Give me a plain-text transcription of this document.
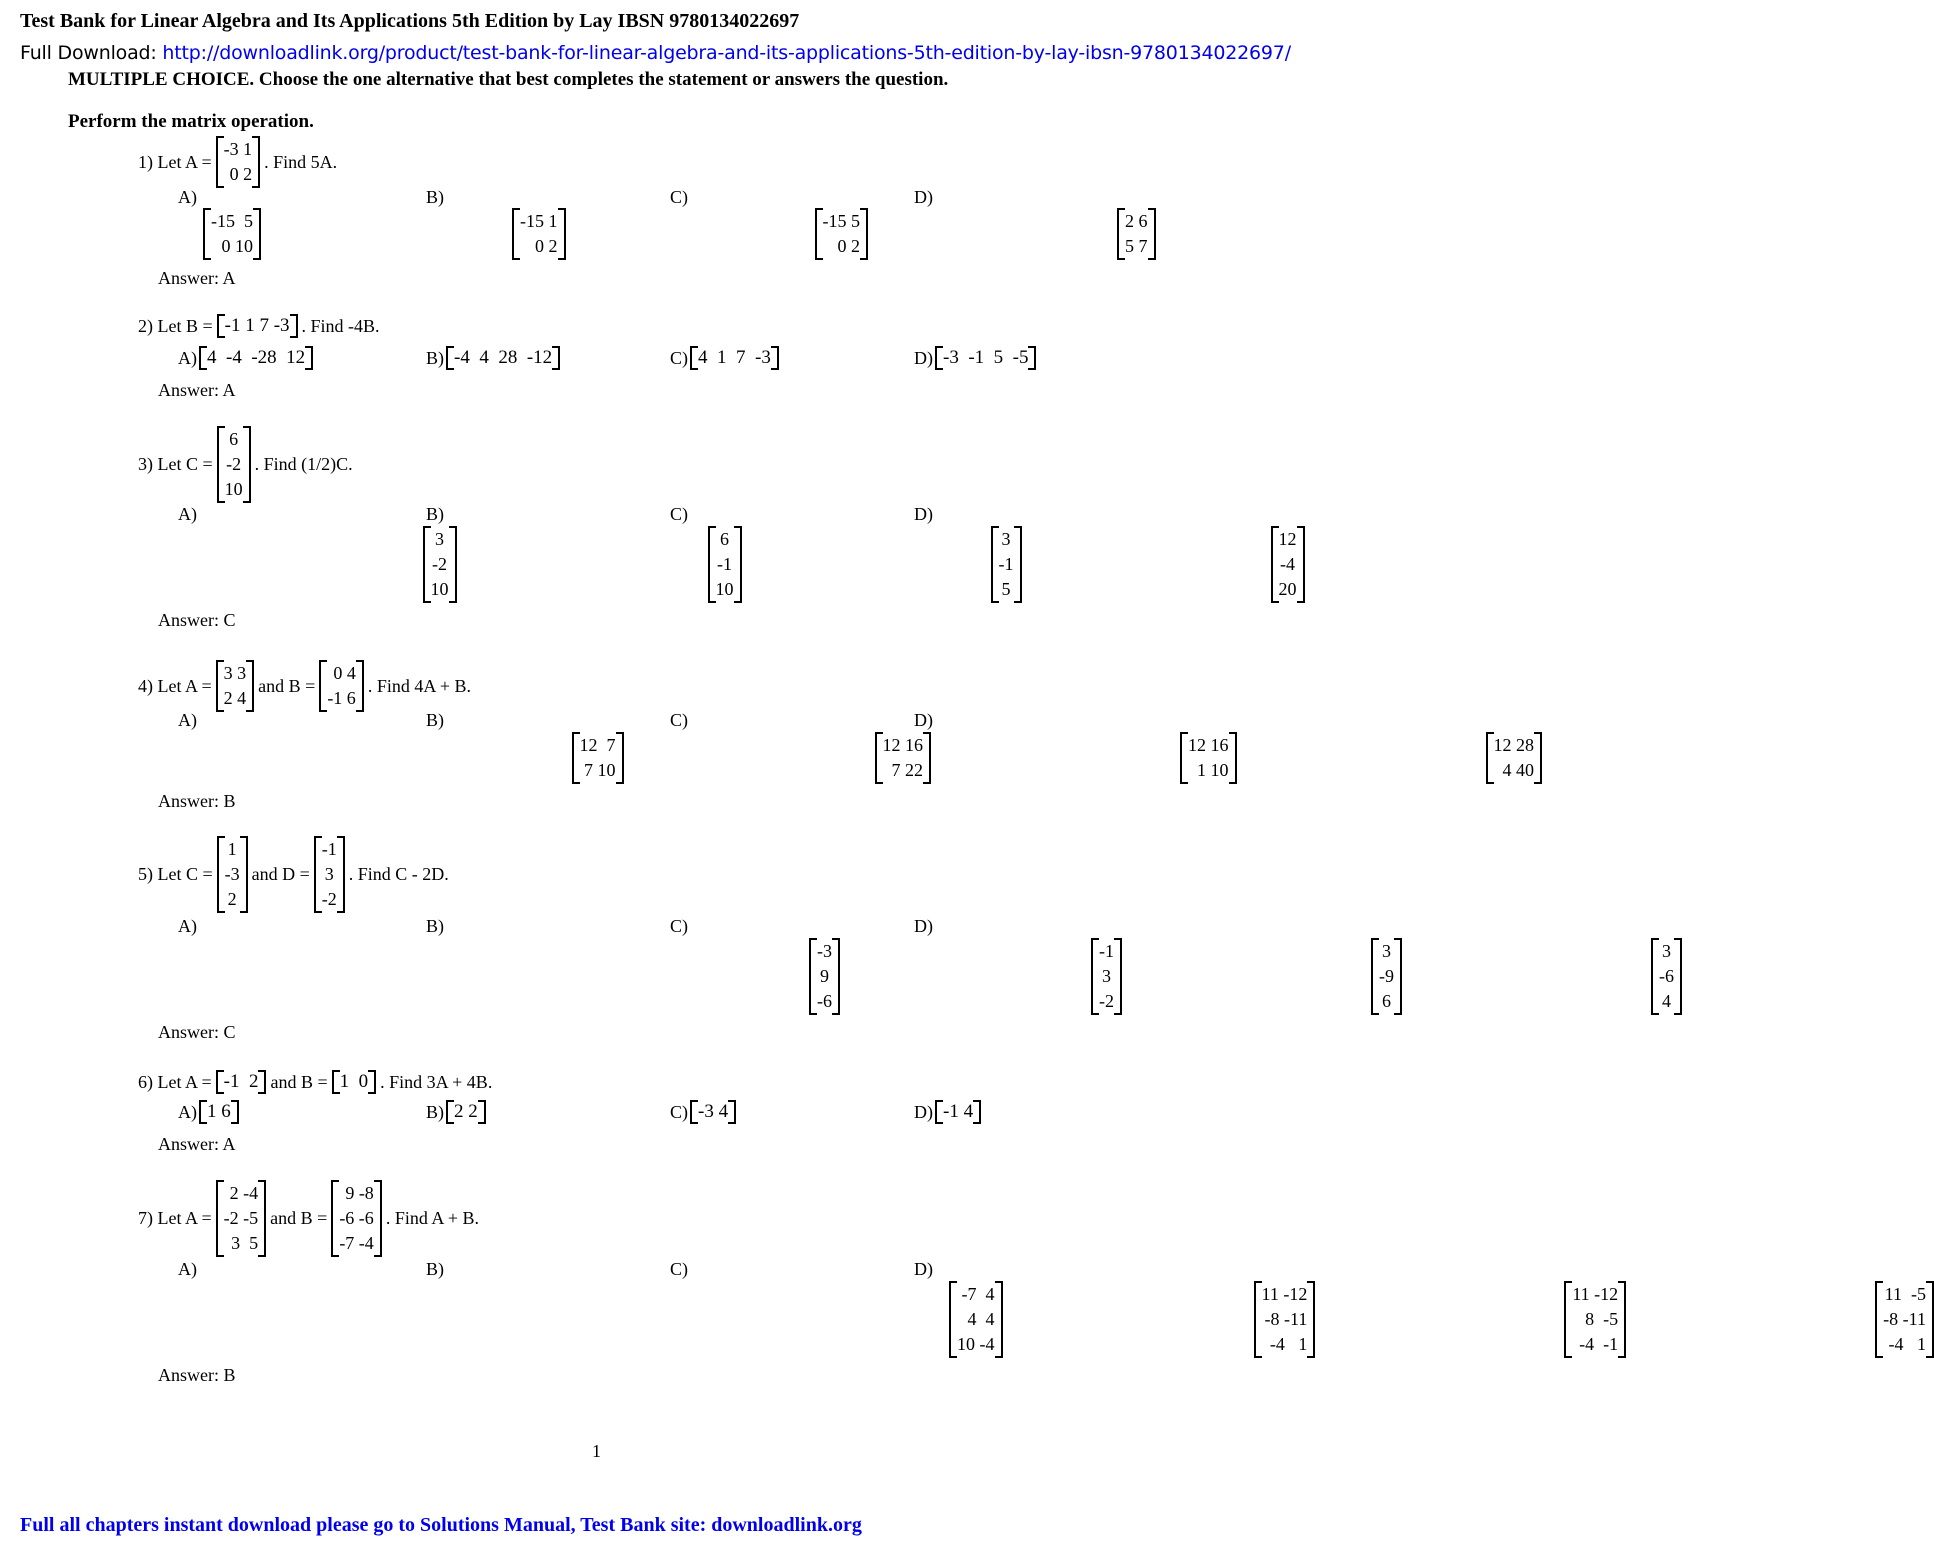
Test Bank for Linear Algebra and Its Applications 5th Edition by Lay IBSN 9780134022697
Full Download: http://downloadlink.org/product/test-bank-for-linear-algebra-and-its-applications-5th-edition-by-lay-ibsn-9780134022697/
MULTIPLE CHOICE. Choose the one alternative that best completes the statement or answers the question.
Perform the matrix operation.
1) Let A =
-3 1
0 2
. Find 5A.
A)	B)	C)	D)
-15  5
0 10

-15 1
0 2

-15 5
0 2

2 6
5 7

Answer: A
2) Let B = -1 1 7 -3 . Find -4B.
A) 4  -4  -28  12	B) -4  4  28  -12	C) 4  1  7  -3	D) -3  -1  5  -5
Answer: A
3) Let C =
6
-2
10
. Find (1/2)C.
A)	B)	C)	D)
3
-2
10

6
-1
10

3
-1
5

12
-4
20

Answer: C
4) Let A =
3 3
2 4
and B =
0 4
-1 6
. Find 4A + B.
A)	B)	C)	D)
12  7
7 10

12 16
7 22

12 16
1 10

12 28
4 40

Answer: B
5) Let C =
1
-3
2
and D =
-1
3
-2
. Find C - 2D.
A)	B)	C)	D)
-3
9
-6

-1
3
-2

3
-9
6

3
-6
4

Answer: C
6) Let A = -1  2 and B = 1  0 . Find 3A + 4B.
A) 1 6	B) 2 2	C) -3 4	D) -1 4
Answer: A
7) Let A =
2 -4
-2 -5
3  5
and B =
9 -8
-6 -6
-7 -4
. Find A + B.
A)	B)	C)	D)
-7  4
4  4
10 -4

11 -12
-8 -11
-4   1

11 -12
8  -5
-4  -1

11  -5
-8 -11
-4   1
Answer: B
1
Full all chapters instant download please go to Solutions Manual, Test Bank site: downloadlink.org
